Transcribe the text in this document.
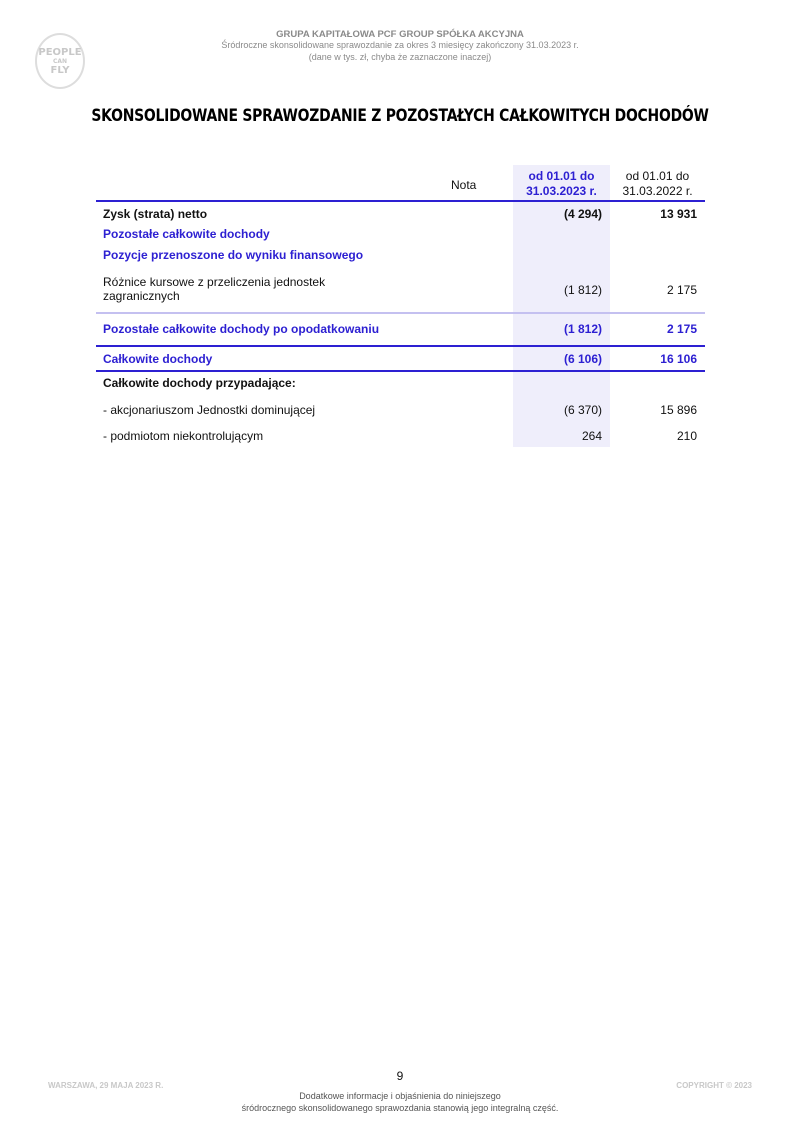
PEOPLE
CAN
FLY
GRUPA KAPITAŁOWA PCF GROUP SPÓŁKA AKCYJNA
Śródroczne skonsolidowane sprawozdanie za okres 3 miesięcy zakończony 31.03.2023 r.
(dane w tys. zł, chyba że zaznaczone inaczej)
SKONSOLIDOWANE SPRAWOZDANIE Z POZOSTAŁYCH CAŁKOWITYCH DOCHODÓW
Nota
od 01.01 do
31.03.2023 r.
od 01.01 do
31.03.2022 r.
Zysk (strata) netto	(4 294)	13 931
Pozostałe całkowite dochody
Pozycje przenoszone do wyniku finansowego
Różnice kursowe z przeliczenia jednostek zagranicznych	(1 812)	2 175
Pozostałe całkowite dochody po opodatkowaniu	(1 812)	2 175
Całkowite dochody	(6 106)	16 106
Całkowite dochody przypadające:
- akcjonariuszom Jednostki dominującej	(6 370)	15 896
- podmiotom niekontrolującym	264	210
9
WARSZAWA, 29 MAJA 2023 R.	COPYRIGHT © 2023
Dodatkowe informacje i objaśnienia do niniejszego
śródrocznego skonsolidowanego sprawozdania stanowią jego integralną część.
